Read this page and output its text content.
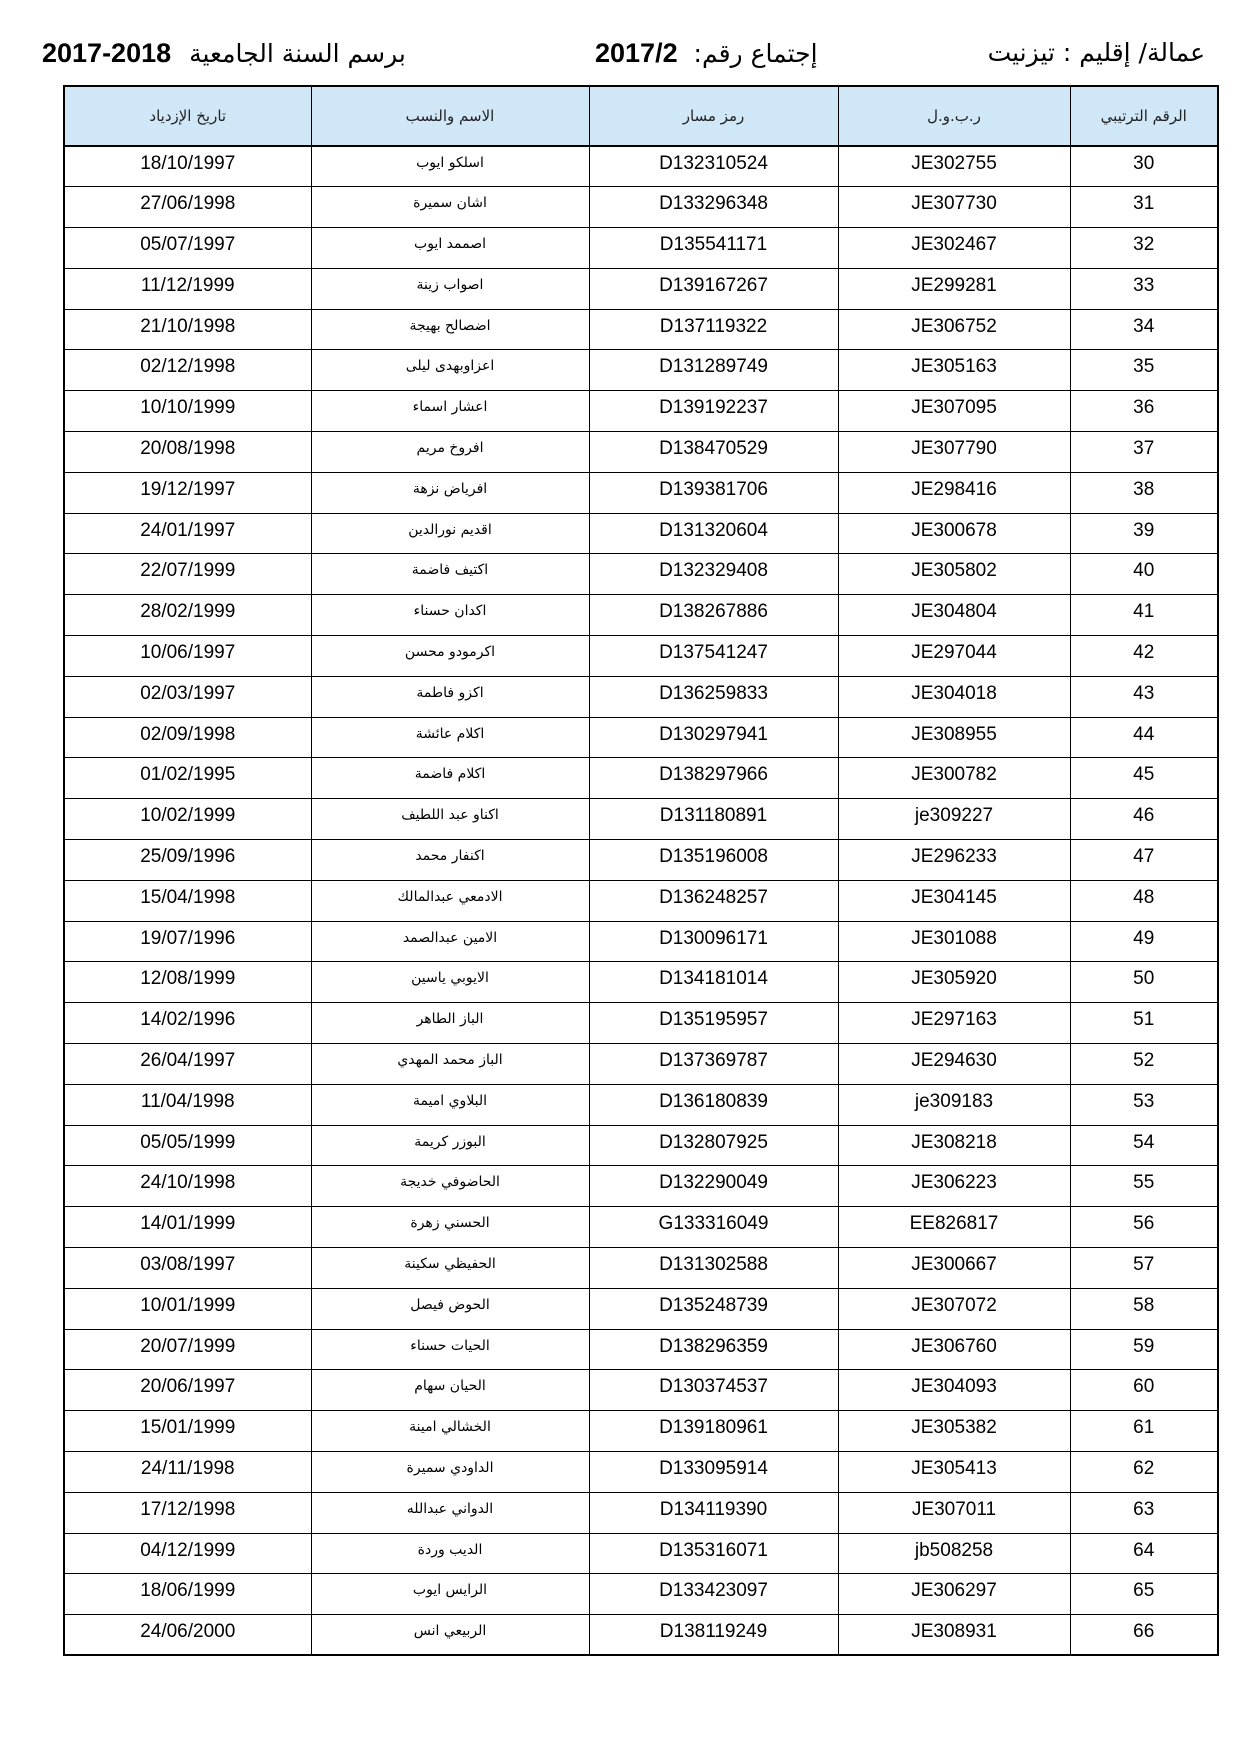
عمالة/ إقليم : تيزنيت
إجتماع رقم: 2017/2
2017-2018 برسم السنة الجامعية
الرقم الترتيبي	ر.ب.و.ل	رمز مسار	الاسم والنسب	تاريخ الإزدياد
30	JE302755	D132310524	اسلكو ايوب	18/10/1997
31	JE307730	D133296348	اشان سميرة	27/06/1998
32	JE302467	D135541171	اصممد ايوب	05/07/1997
33	JE299281	D139167267	اصواب زينة	11/12/1999
34	JE306752	D137119322	اضصالح بهيجة	21/10/1998
35	JE305163	D131289749	اعزاوبهدى ليلى	02/12/1998
36	JE307095	D139192237	اعشار اسماء	10/10/1999
37	JE307790	D138470529	افروخ مريم	20/08/1998
38	JE298416	D139381706	افرياض نزهة	19/12/1997
39	JE300678	D131320604	اقديم نورالدين	24/01/1997
40	JE305802	D132329408	اكتيف فاضمة	22/07/1999
41	JE304804	D138267886	اكدان حسناء	28/02/1999
42	JE297044	D137541247	اكرمودو محسن	10/06/1997
43	JE304018	D136259833	اكزو فاطمة	02/03/1997
44	JE308955	D130297941	اكلام عائشة	02/09/1998
45	JE300782	D138297966	اكلام فاضمة	01/02/1995
46	je309227	D131180891	اكناو عبد اللطيف	10/02/1999
47	JE296233	D135196008	اكنفار محمد	25/09/1996
48	JE304145	D136248257	الادمعي عبدالمالك	15/04/1998
49	JE301088	D130096171	الامين عبدالصمد	19/07/1996
50	JE305920	D134181014	الايوبي ياسين	12/08/1999
51	JE297163	D135195957	الباز الطاهر	14/02/1996
52	JE294630	D137369787	الباز محمد المهدي	26/04/1997
53	je309183	D136180839	البلاوي اميمة	11/04/1998
54	JE308218	D132807925	البوزر كريمة	05/05/1999
55	JE306223	D132290049	الحاضوفي خديجة	24/10/1998
56	EE826817	G133316049	الحسني زهرة	14/01/1999
57	JE300667	D131302588	الحفيظي سكينة	03/08/1997
58	JE307072	D135248739	الحوض فيصل	10/01/1999
59	JE306760	D138296359	الحيات حسناء	20/07/1999
60	JE304093	D130374537	الحيان سهام	20/06/1997
61	JE305382	D139180961	الخشالي امينة	15/01/1999
62	JE305413	D133095914	الداودي سميرة	24/11/1998
63	JE307011	D134119390	الدواني عبدالله	17/12/1998
64	jb508258	D135316071	الديب وردة	04/12/1999
65	JE306297	D133423097	الرايس ايوب	18/06/1999
66	JE308931	D138119249	الربيعي انس	24/06/2000
